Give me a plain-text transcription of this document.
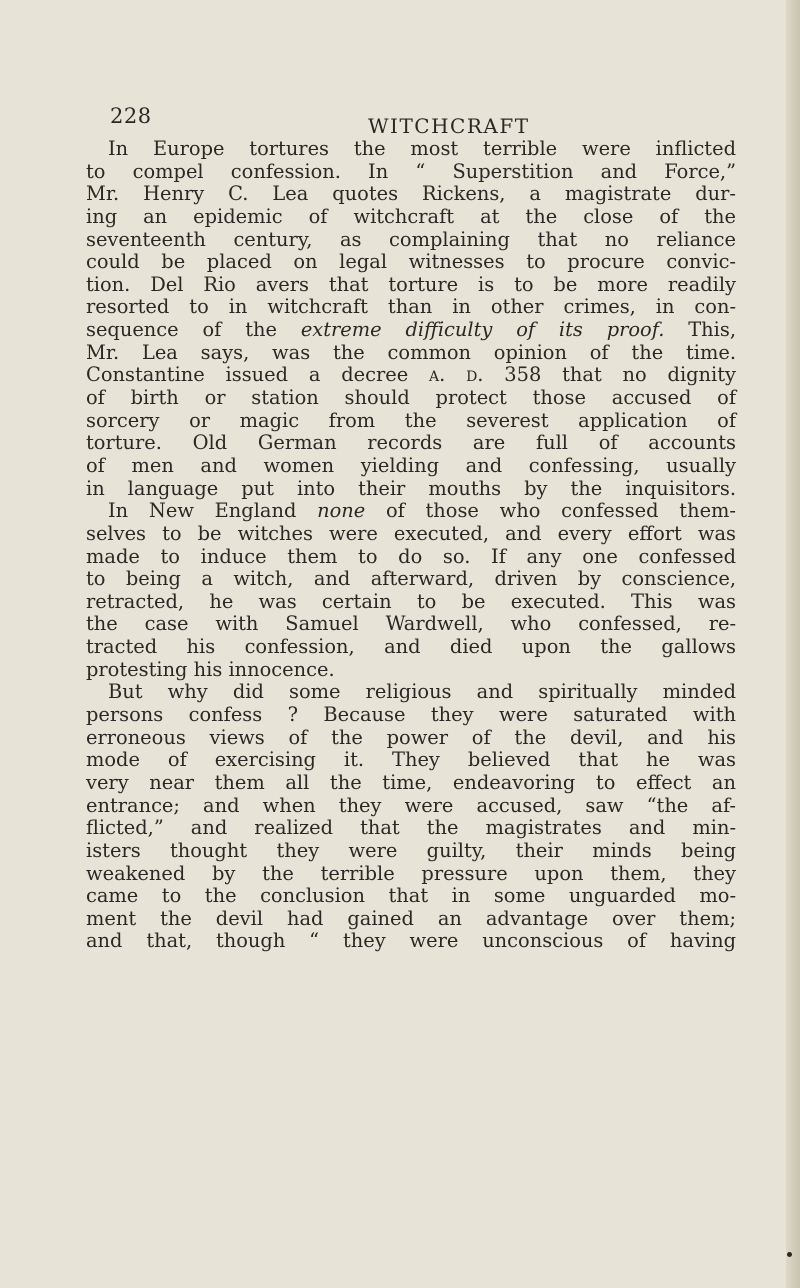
228	WITCHCRAFT
In Europe tortures the most terrible were inflicted
to compel confession. In “ Superstition and Force,”
Mr. Henry C. Lea quotes Rickens, a magistrate dur-
ing an epidemic of witchcraft at the close of the
seventeenth century, as complaining that no reliance
could be placed on legal witnesses to procure convic-
tion. Del Rio avers that torture is to be more readily
resorted to in witchcraft than in other crimes, in con-
sequence of the extreme difficulty of its proof. This,
Mr. Lea says, was the common opinion of the time.
Constantine issued a decree a. d. 358 that no dignity
of birth or station should protect those accused of
sorcery or magic from the severest application of
torture. Old German records are full of accounts
of men and women yielding and confessing, usually
in language put into their mouths by the inquisitors.
In New England none of those who confessed them-
selves to be witches were executed, and every effort was
made to induce them to do so. If any one confessed
to being a witch, and afterward, driven by conscience,
retracted, he was certain to be executed. This was
the case with Samuel Wardwell, who confessed, re-
tracted his confession, and died upon the gallows
protesting his innocence.
But why did some religious and spiritually minded
persons confess ? Because they were saturated with
erroneous views of the power of the devil, and his
mode of exercising it. They believed that he was
very near them all the time, endeavoring to effect an
entrance; and when they were accused, saw “the af-
flicted,” and realized that the magistrates and min-
isters thought they were guilty, their minds being
weakened by the terrible pressure upon them, they
came to the conclusion that in some unguarded mo-
ment the devil had gained an advantage over them;
and that, though “ they were unconscious of having
